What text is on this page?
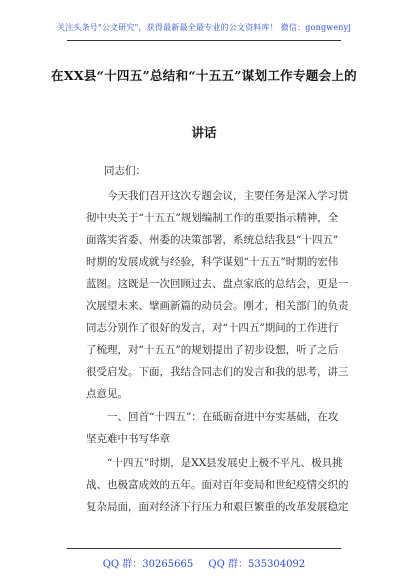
关注头条号"公文研究"，获得最新最全最专业的公文资料库！ 微信：gongwenyj
在XX县“十四五”总结和“十五五”谋划工作专题会上的
讲话
同志们：
　　今天我们召开这次专题会议，主要任务是深入学习贯
彻中央关于“十五五”规划编制工作的重要指示精神，全
面落实省委、州委的决策部署，系统总结我县“十四五”
时期的发展成就与经验，科学谋划“十五五”时期的宏伟
蓝图。这既是一次回顾过去、盘点家底的总结会，更是一
次展望未来、擘画新篇的动员会。刚才，相关部门的负责
同志分别作了很好的发言，对“十四五”期间的工作进行
了梳理，对“十五五”的规划提出了初步设想，听了之后
很受启发。下面，我结合同志们的发言和我的思考，讲三
点意见。
　　一、回首“十四五”：在砥砺奋进中夯实基础，在攻
坚克难中书写华章
　　“十四五”时期，是XX县发展史上极不平凡、极具挑
战、也极富成效的五年。面对百年变局和世纪疫情交织的
复杂局面，面对经济下行压力和艰巨繁重的改革发展稳定
QQ 群：30265665 QQ 群：535304092
